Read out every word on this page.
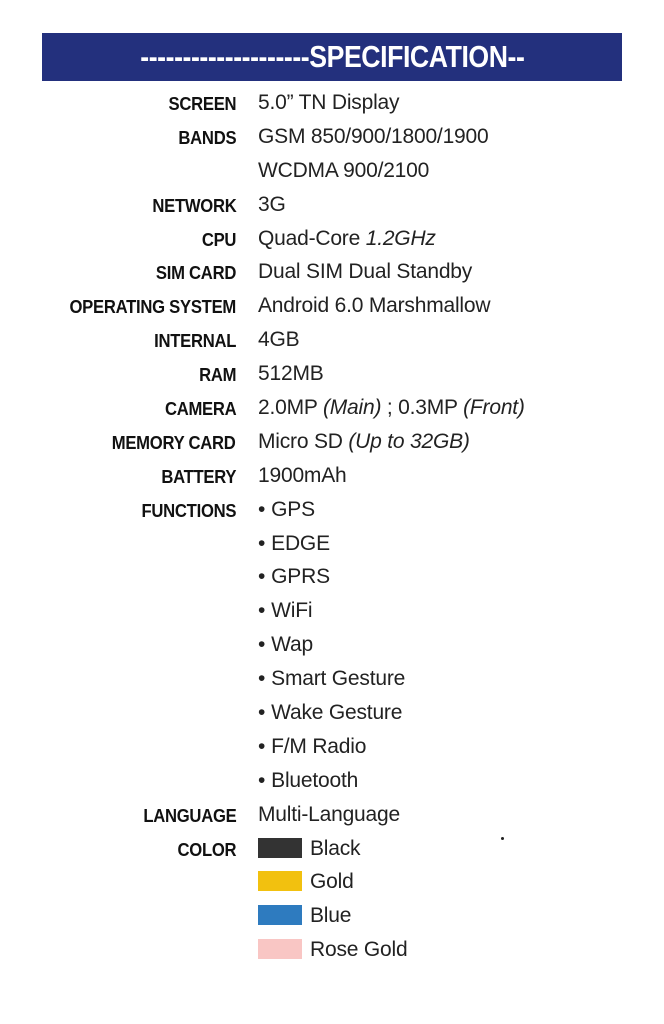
--------------------SPECIFICATION--
SCREEN 5.0” TN Display
BANDS GSM 850/900/1800/1900
WCDMA 900/2100
NETWORK 3G
CPU Quad-Core 1.2GHz
SIM CARD Dual SIM Dual Standby
OPERATING SYSTEM Android 6.0 Marshmallow
INTERNAL 4GB
RAM 512MB
CAMERA 2.0MP (Main) ; 0.3MP (Front)
MEMORY CARD Micro SD (Up to 32GB)
BATTERY 1900mAh
FUNCTIONS • GPS
• EDGE
• GPRS
• WiFi
• Wap
• Smart Gesture
• Wake Gesture
• F/M Radio
• Bluetooth
LANGUAGE Multi-Language
COLOR	Black
Gold
Blue
Rose Gold
